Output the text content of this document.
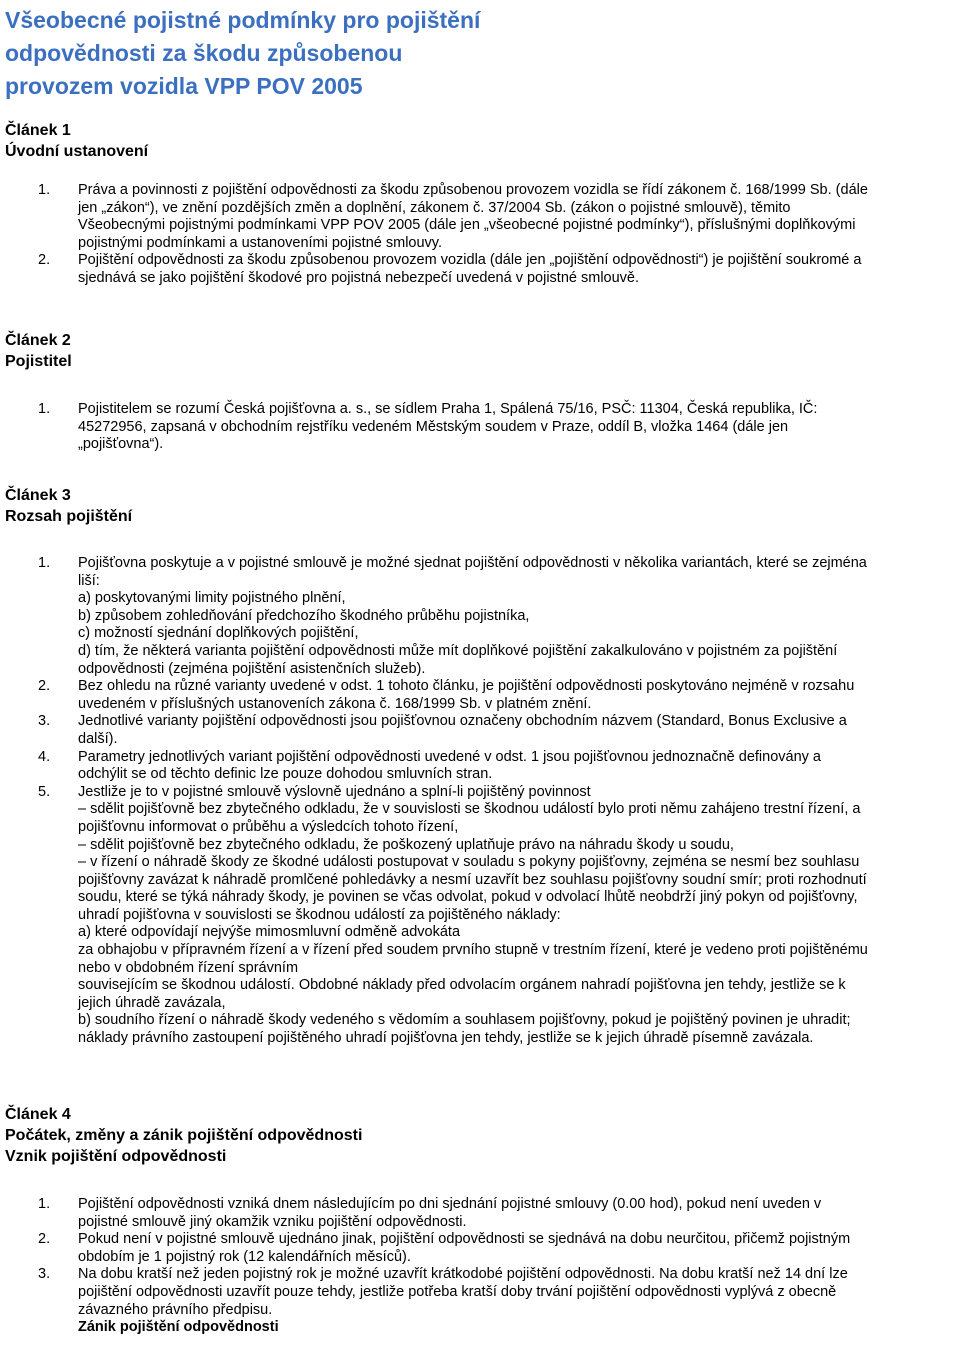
Všeobecné pojistné podmínky pro pojištění
odpovědnosti za škodu způsobenou
provozem vozidla VPP POV 2005
Článek 1
Úvodní ustanovení
1. Práva a povinnosti z pojištění odpovědnosti za škodu způsobenou provozem vozidla se řídí zákonem č. 168/1999 Sb. (dále
jen „zákon“), ve znění pozdějších změn a doplnění, zákonem č. 37/2004 Sb. (zákon o pojistné smlouvě), těmito
Všeobecnými pojistnými podmínkami VPP POV 2005 (dále jen „všeobecné pojistné podmínky“), příslušnými doplňkovými
pojistnými podmínkami a ustanoveními pojistné smlouvy.
2. Pojištění odpovědnosti za škodu způsobenou provozem vozidla (dále jen „pojištění odpovědnosti“) je pojištění soukromé a
sjednává se jako pojištění škodové pro pojistná nebezpečí uvedená v pojistné smlouvě.
Článek 2
Pojistitel
1. Pojistitelem se rozumí Česká pojišťovna a. s., se sídlem Praha 1, Spálená 75/16, PSČ: 11304, Česká republika, IČ:
45272956, zapsaná v obchodním rejstříku vedeném Městským soudem v Praze, oddíl B, vložka 1464 (dále jen
„pojišťovna“).
Článek 3
Rozsah pojištění
1. Pojišťovna poskytuje a v pojistné smlouvě je možné sjednat pojištění odpovědnosti v několika variantách, které se zejména
liší:
a) poskytovanými limity pojistného plnění,
b) způsobem zohledňování předchozího škodného průběhu pojistníka,
c) možností sjednání doplňkových pojištění,
d) tím, že některá varianta pojištění odpovědnosti může mít doplňkové pojištění zakalkulováno v pojistném za pojištění
odpovědnosti (zejména pojištění asistenčních služeb).
2. Bez ohledu na různé varianty uvedené v odst. 1 tohoto článku, je pojištění odpovědnosti poskytováno nejméně v rozsahu
uvedeném v příslušných ustanoveních zákona č. 168/1999 Sb. v platném znění.
3. Jednotlivé varianty pojištění odpovědnosti jsou pojišťovnou označeny obchodním názvem (Standard, Bonus Exclusive a
další).
4. Parametry jednotlivých variant pojištění odpovědnosti uvedené v odst. 1 jsou pojišťovnou jednoznačně definovány a
odchýlit se od těchto definic lze pouze dohodou smluvních stran.
5. Jestliže je to v pojistné smlouvě výslovně ujednáno a splní-li pojištěný povinnost
– sdělit pojišťovně bez zbytečného odkladu, že v souvislosti se škodnou událostí bylo proti němu zahájeno trestní řízení, a
pojišťovnu informovat o průběhu a výsledcích tohoto řízení,
– sdělit pojišťovně bez zbytečného odkladu, že poškozený uplatňuje právo na náhradu škody u soudu,
– v řízení o náhradě škody ze škodné události postupovat v souladu s pokyny pojišťovny, zejména se nesmí bez souhlasu
pojišťovny zavázat k náhradě promlčené pohledávky a nesmí uzavřít bez souhlasu pojišťovny soudní smír; proti rozhodnutí
soudu, které se týká náhrady škody, je povinen se včas odvolat, pokud v odvolací lhůtě neobdrží jiný pokyn od pojišťovny,
uhradí pojišťovna v souvislosti se škodnou událostí za pojištěného náklady:
a) které odpovídají nejvýše mimosmluvní odměně advokáta
za obhajobu v přípravném řízení a v řízení před soudem prvního stupně v trestním řízení, které je vedeno proti pojištěnému
nebo v obdobném řízení správním
souvisejícím se škodnou událostí. Obdobné náklady před odvolacím orgánem nahradí pojišťovna jen tehdy, jestliže se k
jejich úhradě zavázala,
b) soudního řízení o náhradě škody vedeného s vědomím a souhlasem pojišťovny, pokud je pojištěný povinen je uhradit;
náklady právního zastoupení pojištěného uhradí pojišťovna jen tehdy, jestliže se k jejich úhradě písemně zavázala.
Článek 4
Počátek, změny a zánik pojištění odpovědnosti
Vznik pojištění odpovědnosti
1. Pojištění odpovědnosti vzniká dnem následujícím po dni sjednání pojistné smlouvy (0.00 hod), pokud není uveden v
pojistné smlouvě jiný okamžik vzniku pojištění odpovědnosti.
2. Pokud není v pojistné smlouvě ujednáno jinak, pojištění odpovědnosti se sjednává na dobu neurčitou, přičemž pojistným
obdobím je 1 pojistný rok (12 kalendářních měsíců).
3. Na dobu kratší než jeden pojistný rok je možné uzavřít krátkodobé pojištění odpovědnosti. Na dobu kratší než 14 dní lze
pojištění odpovědnosti uzavřít pouze tehdy, jestliže potřeba kratší doby trvání pojištění odpovědnosti vyplývá z obecně
závazného právního předpisu.
Zánik pojištění odpovědnosti
